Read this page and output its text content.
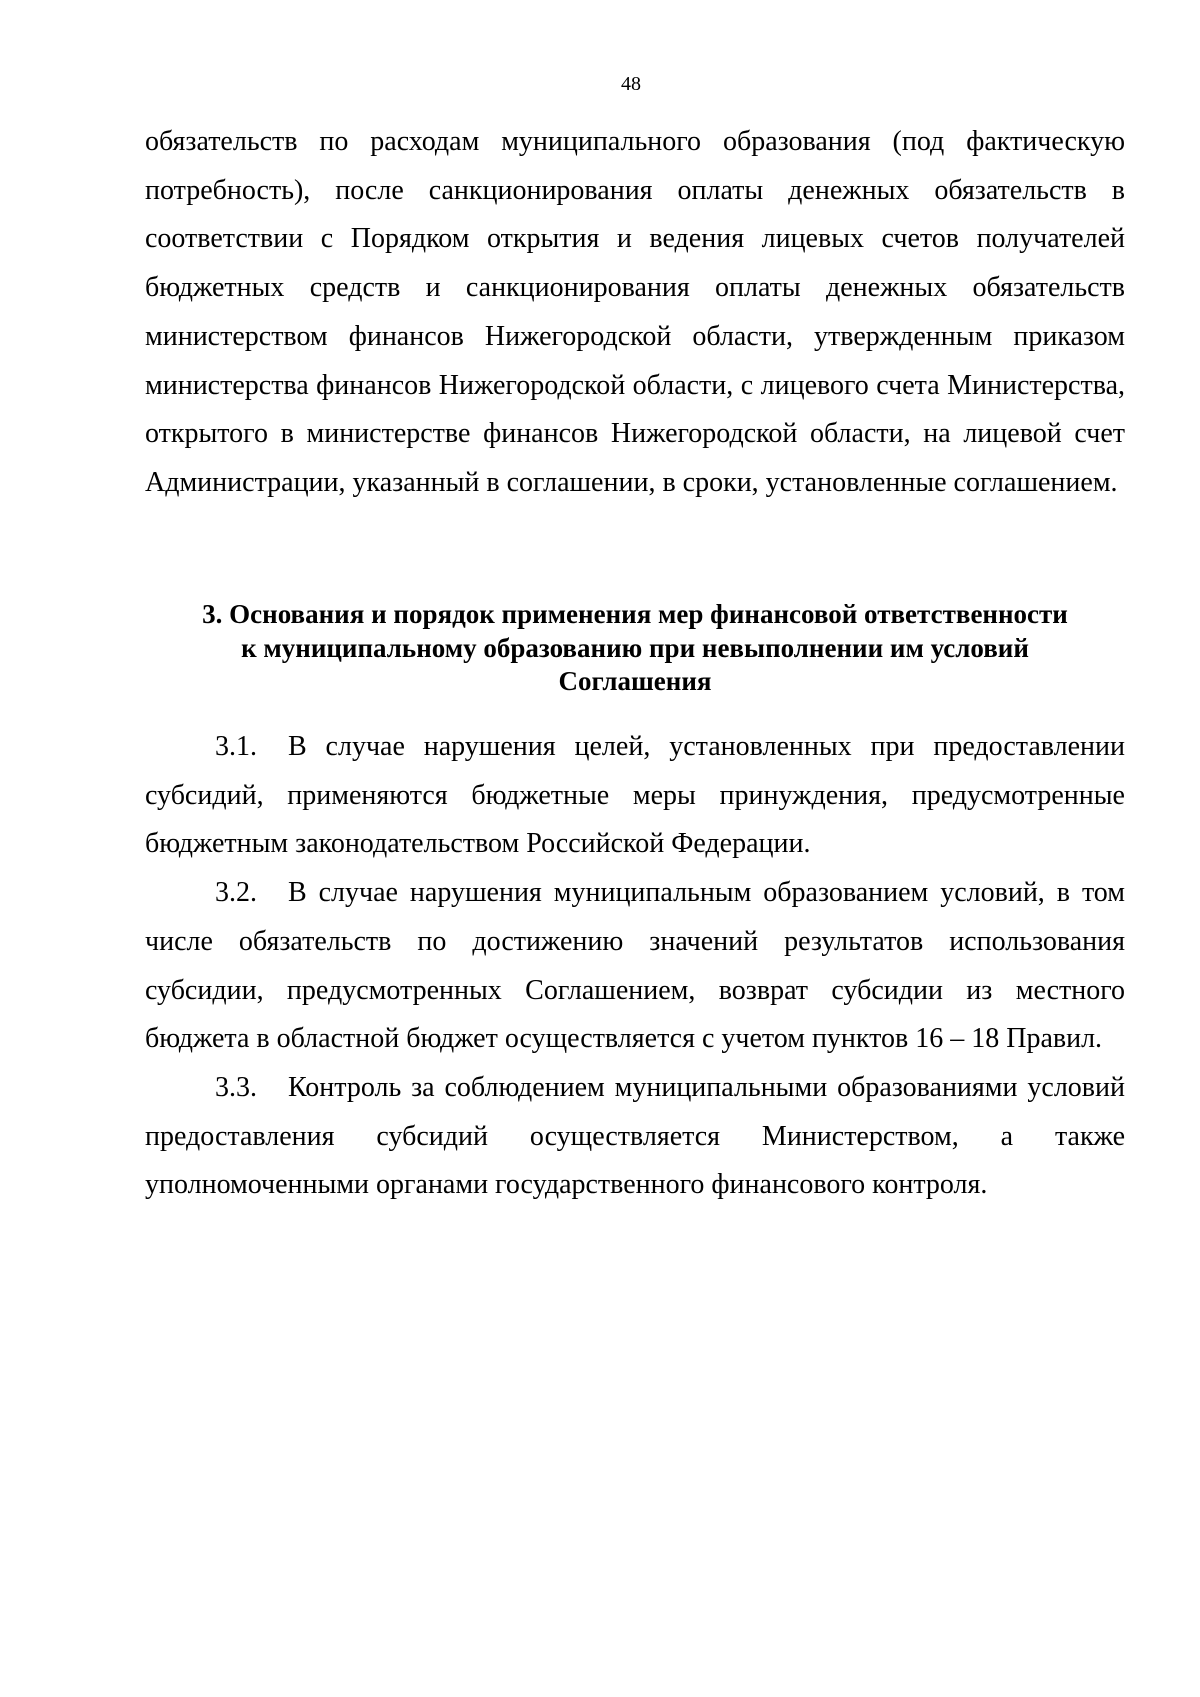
48

обязательств по расходам муниципального образования (под фактическую потребность), после санкционирования оплаты денежных обязательств в соответствии с Порядком открытия и ведения лицевых счетов получателей бюджетных средств и санкционирования оплаты денежных обязательств министерством финансов Нижегородской области, утвержденным приказом министерства финансов Нижегородской области, с лицевого счета Министерства, открытого в министерстве финансов Нижегородской области, на лицевой счет Администрации, указанный в соглашении, в сроки, установленные соглашением.

3. Основания и порядок применения мер финансовой ответственности
к муниципальному образованию при невыполнении им условий
Соглашения

3.1. В случае нарушения целей, установленных при предоставлении субсидий, применяются бюджетные меры принуждения, предусмотренные бюджетным законодательством Российской Федерации.

3.2. В случае нарушения муниципальным образованием условий, в том числе обязательств по достижению значений результатов использования субсидии, предусмотренных Соглашением, возврат субсидии из местного бюджета в областной бюджет осуществляется с учетом пунктов 16 – 18 Правил.

3.3. Контроль за соблюдением муниципальными образованиями условий предоставления субсидий осуществляется Министерством, а также уполномоченными органами государственного финансового контроля.
